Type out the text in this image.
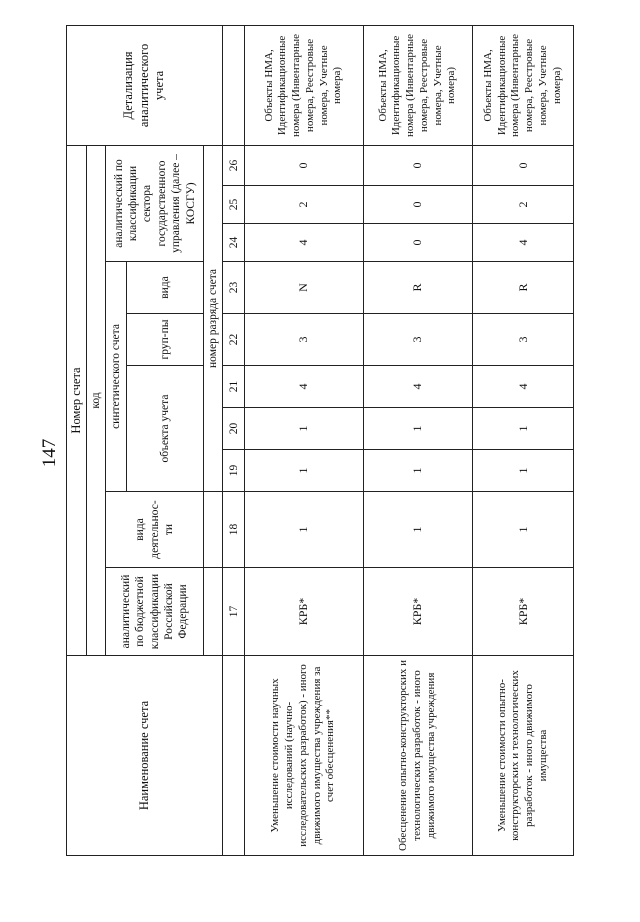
147
Наименование счета	Номер счета										Детализация аналитического учета
	код										
	аналитический по бюджетной классификации Российской Федерации	вида деятельнос-ти	синтетического счета					аналитический по классификации сектора государственного управления (далее – КОСГУ)			
			объекта учета			груп-пы	вида				
			номер разряда счета								
	17	18	19	20	21	22	23	24	25	26	
Уменьшение стоимости научных исследований (научно-исследовательских разработок) - иного движимого имущества учреждения за счет обесценения**	КРБ*	1	1	1	4	3	N	4	2	0	Объекты НМА, Идентификационные номера (Инвентарные номера, Реестровые номера, Учетные номера)
Обесценение опытно-конструкторских и технологических разработок - иного движимого имущества учреждения	КРБ*	1	1	1	4	3	R	0	0	0	Объекты НМА, Идентификационные номера (Инвентарные номера, Реестровые номера, Учетные номера)
Уменьшение стоимости опытно-конструкторских и технологических разработок - иного движимого имущества	КРБ*	1	1	1	4	3	R	4	2	0	Объекты НМА, Идентификационные номера (Инвентарные номера, Реестровые номера, Учетные номера)
